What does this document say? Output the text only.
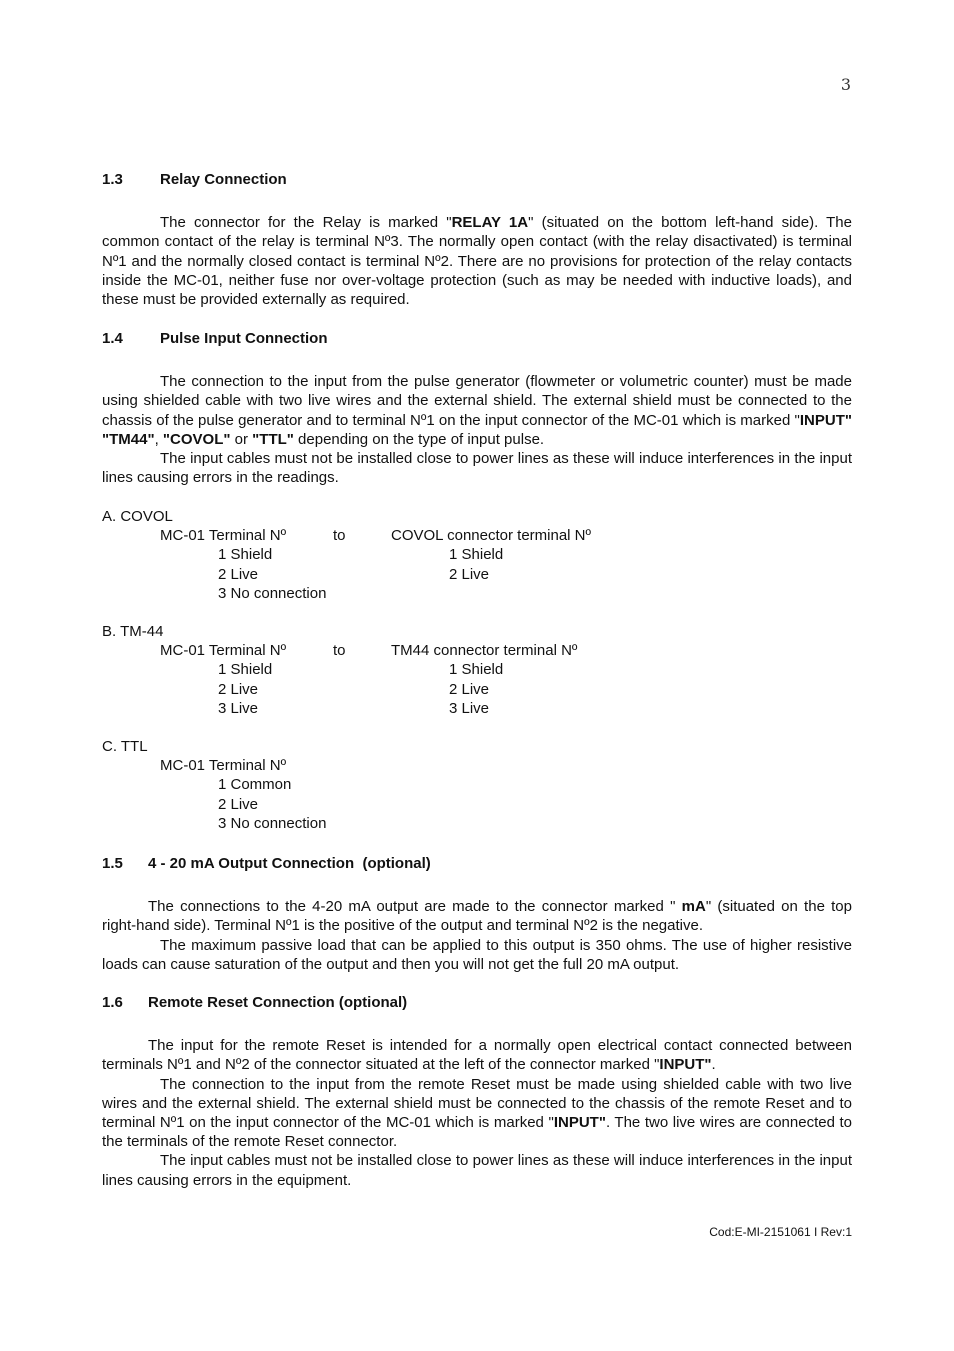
3
1.3	Relay Connection

The connector for the Relay is marked "RELAY 1A" (situated on the bottom left-hand side). The common contact of the relay is terminal Nº3. The normally open contact (with the relay disactivated) is terminal Nº1 and the normally closed contact is terminal Nº2. There are no provisions for protection of the relay contacts inside the MC-01, neither fuse nor over-voltage protection (such as may be needed with inductive loads), and these must be provided externally as required.

1.4	Pulse Input Connection

The connection to the input from the pulse generator (flowmeter or volumetric counter) must be made using shielded cable with two live wires and the external shield. The external shield must be connected to the chassis of the pulse generator and to terminal Nº1 on the input connector of the MC-01 which is marked "INPUT" "TM44", "COVOL" or "TTL" depending on the type of input pulse.

The input cables must not be installed close to power lines as these will induce interferences in the input lines causing errors in the readings.

A. COVOL
MC-01 Terminal Nº	to	COVOL connector terminal Nº
1 Shield	1 Shield
2 Live	2 Live
3 No connection
B. TM-44
MC-01 Terminal Nº	to	TM44 connector terminal Nº
1 Shield	1 Shield
2 Live	2 Live
3 Live	3 Live
C. TTL
MC-01 Terminal Nº
1 Common
2 Live
3 No connection
1.5	4 - 20 mA Output Connection  (optional)

The connections to the 4-20 mA output are made to the connector marked " mA" (situated on the top right-hand side). Terminal Nº1 is the positive of the output and terminal Nº2 is the negative.

The maximum passive load that can be applied to this output is 350 ohms. The use of higher resistive loads can cause saturation of the output and then you will not get the full 20 mA output.

1.6	Remote Reset Connection (optional)

The input for the remote Reset is intended for a normally open electrical contact connected between terminals Nº1 and Nº2 of the connector situated at the left of the connector marked "INPUT".

The connection to the input from the remote Reset must be made using shielded cable with two live wires and the external shield. The external shield must be connected to the chassis of the remote Reset and to terminal Nº1 on the input connector of the MC-01 which is marked "INPUT". The two live wires are connected to the terminals of the remote Reset connector.

The input cables must not be installed close to power lines as these will induce interferences in the input lines causing errors in the equipment.

Cod:E-MI-2151061 I Rev:1
